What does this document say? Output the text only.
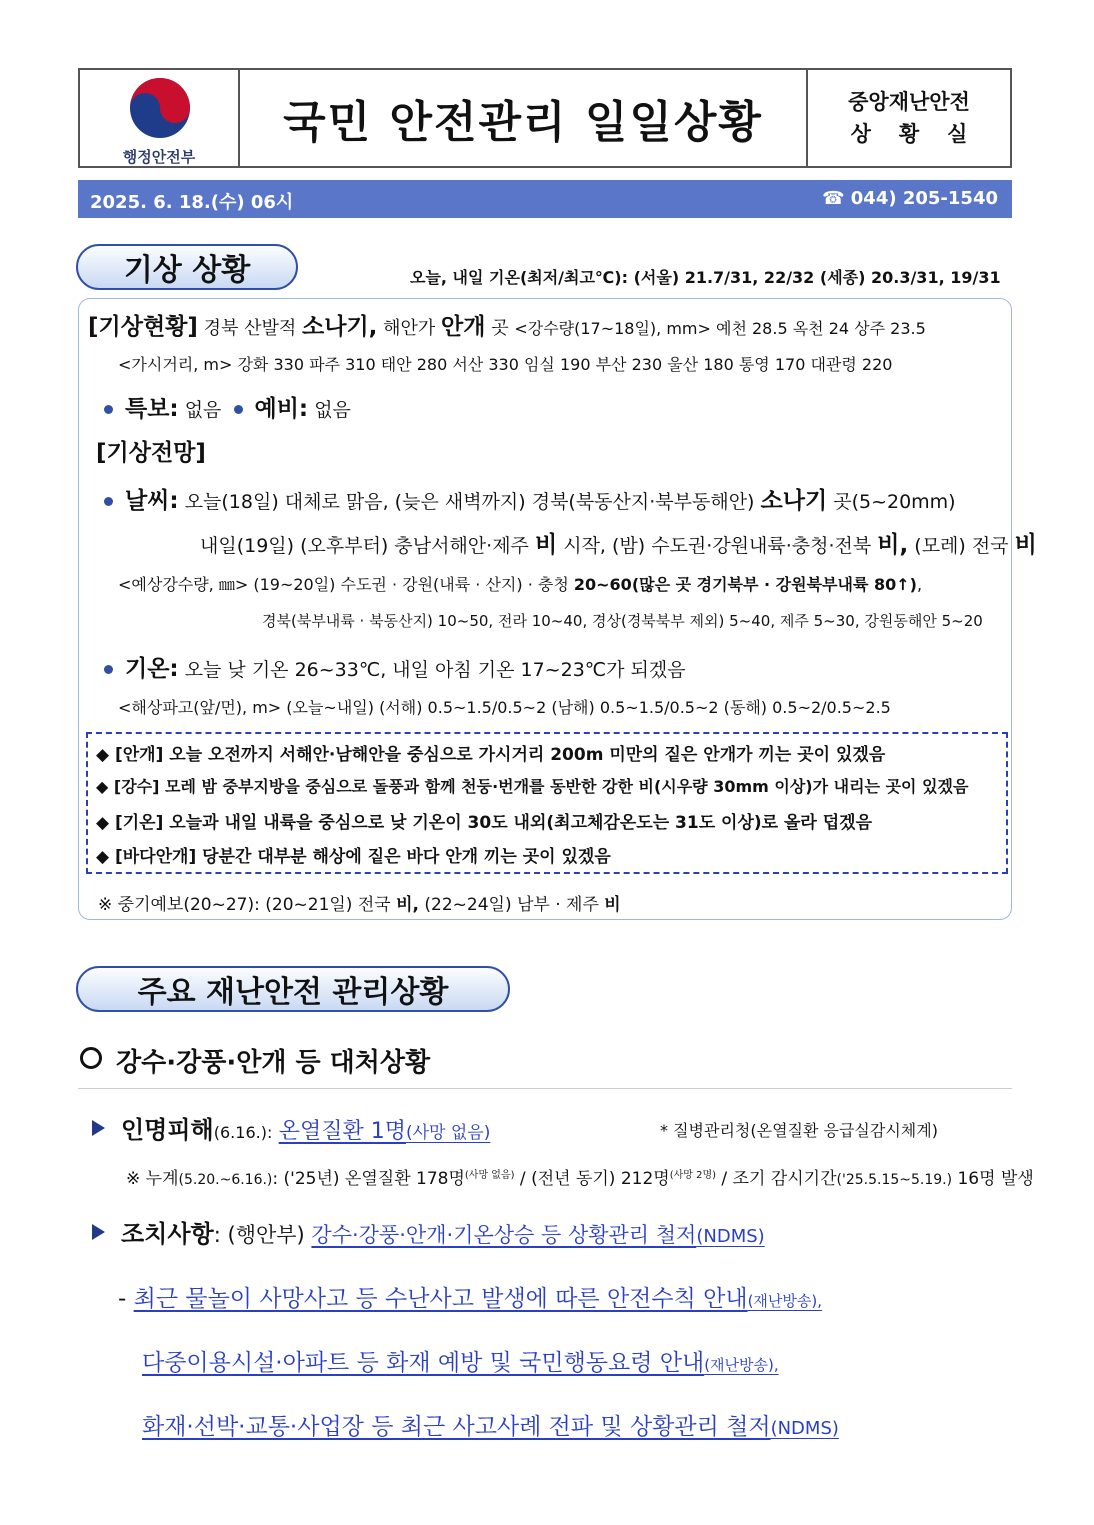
행정안전부
국민 안전관리 일일상황	중앙재난안전
상황실
2025. 6. 18.(수) 06시	☎ 044) 205-1540
기상 상황	오늘, 내일 기온(최저/최고℃): (서울) 21.7/31, 22/32 (세종) 20.3/31, 19/31
[기상현황] 경북 산발적 소나기, 해안가 안개 곳 <강수량(17~18일), mm> 예천 28.5 옥천 24 상주 23.5
<가시거리, m> 강화 330 파주 310 태안 280 서산 330 임실 190 부산 230 울산 180 통영 170 대관령 220
특보: 없음 예비: 없음
[기상전망]
날씨: 오늘(18일) 대체로 맑음, (늦은 새벽까지) 경북(북동산지·북부동해안) 소나기 곳(5~20mm)
내일(19일) (오후부터) 충남서해안·제주 비 시작, (밤) 수도권·강원내륙·충청·전북 비, (모레) 전국 비
<예상강수량, ㎜> (19~20일) 수도권 · 강원(내륙 · 산지) · 충청 20~60(많은 곳 경기북부 · 강원북부내륙 80↑),
경북(북부내륙 · 북동산지) 10~50, 전라 10~40, 경상(경북북부 제외) 5~40, 제주 5~30, 강원동해안 5~20
기온: 오늘 낮 기온 26~33℃, 내일 아침 기온 17~23℃가 되겠음
<해상파고(앞/먼), m> (오늘~내일) (서해) 0.5~1.5/0.5~2 (남해) 0.5~1.5/0.5~2 (동해) 0.5~2/0.5~2.5
◆ [안개] 오늘 오전까지 서해안·남해안을 중심으로 가시거리 200m 미만의 짙은 안개가 끼는 곳이 있겠음
◆ [강수] 모레 밤 중부지방을 중심으로 돌풍과 함께 천둥·번개를 동반한 강한 비(시우량 30mm 이상)가 내리는 곳이 있겠음
◆ [기온] 오늘과 내일 내륙을 중심으로 낮 기온이 30도 내외(최고체감온도는 31도 이상)로 올라 덥겠음
◆ [바다안개] 당분간 대부분 해상에 짙은 바다 안개 끼는 곳이 있겠음
※ 중기예보(20~27): (20~21일) 전국 비, (22~24일) 남부 · 제주 비
주요 재난안전 관리상황
강수·강풍·안개 등 대처상황
인명피해(6.16.): 온열질환 1명(사망 없음)	* 질병관리청(온열질환 응급실감시체계)
※ 누계(5.20.~6.16.): ('25년) 온열질환 178명$^{(사망 없음)}$ / (전년 동기) 212명$^{(사망 2명)}$ / 조기 감시기간('25.5.15~5.19.) 16명 발생
조치사항: (행안부) 강수·강풍·안개·기온상승 등 상황관리 철저(NDMS)
- 최근 물놀이 사망사고 등 수난사고 발생에 따른 안전수칙 안내(재난방송),
다중이용시설·아파트 등 화재 예방 및 국민행동요령 안내(재난방송),
화재·선박·교통·사업장 등 최근 사고사례 전파 및 상황관리 철저(NDMS)
